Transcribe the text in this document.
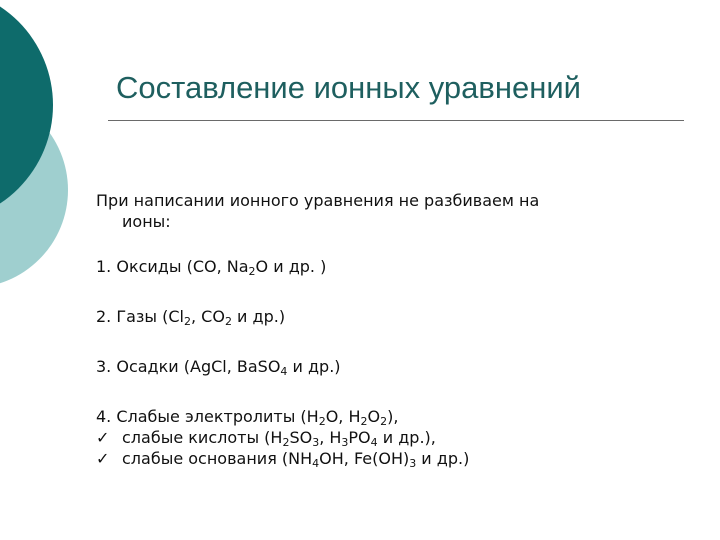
Составление ионных уравнений
При написании ионного уравнения не разбиваем на
ионы:
1. Оксиды (CO, $Na_2O$ и др. )
2. Газы ($Cl_2$, $CO_2$ и др.)
3. Осадки (AgCl, BaSO$_4$ и др.)
4. Слабые электролиты ($H_2O$, $H_2O_2$),
✓ слабые кислоты ($H_2SO_3$, $H_3PO_4$ и др.),
✓ слабые основания ($NH_4OH$, $Fe(OH)_3$ и др.)
